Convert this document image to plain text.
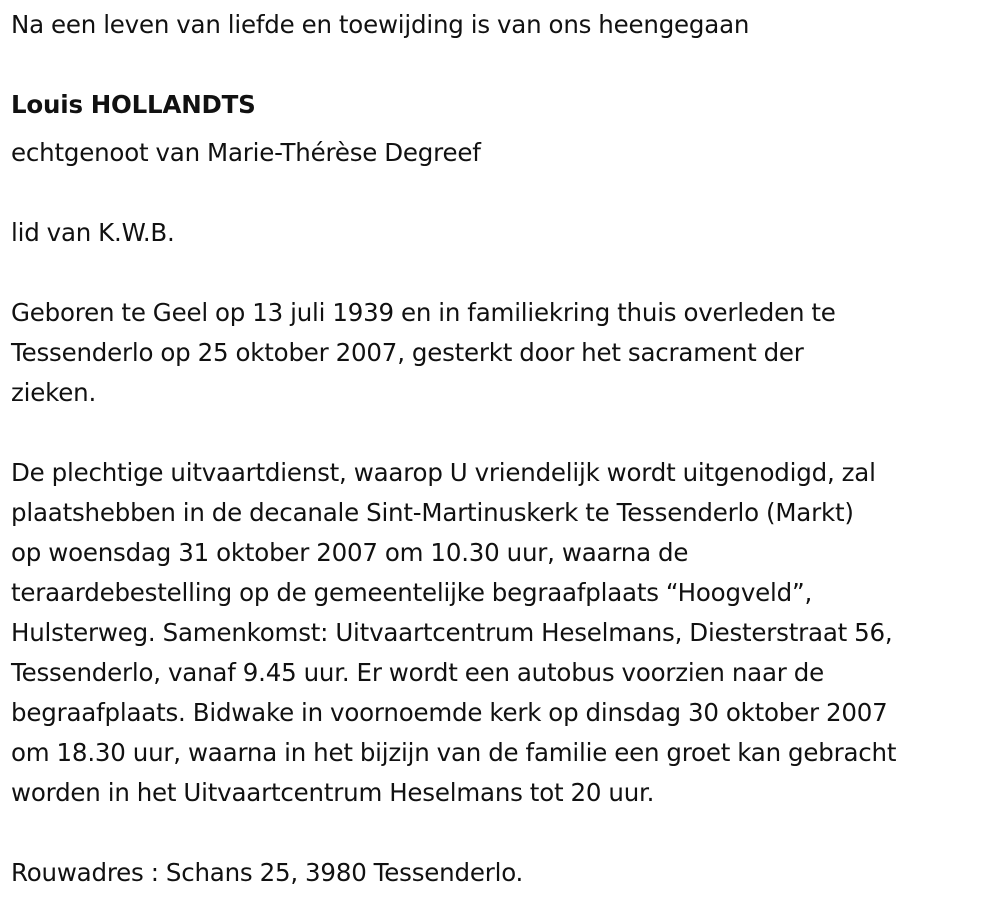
Na een leven van liefde en toewijding is van ons heengegaan
Louis HOLLANDTS
echtgenoot van Marie-Thérèse Degreef
lid van K.W.B.
Geboren te Geel op 13 juli 1939 en in familiekring thuis overleden te
Tessenderlo op 25 oktober 2007, gesterkt door het sacrament der
zieken.
De plechtige uitvaartdienst, waarop U vriendelijk wordt uitgenodigd, zal
plaatshebben in de decanale Sint-Martinuskerk te Tessenderlo (Markt)
op woensdag 31 oktober 2007 om 10.30 uur, waarna de
teraardebestelling op de gemeentelijke begraafplaats “Hoogveld”,
Hulsterweg. Samenkomst: Uitvaartcentrum Heselmans, Diesterstraat 56,
Tessenderlo, vanaf 9.45 uur. Er wordt een autobus voorzien naar de
begraafplaats. Bidwake in voornoemde kerk op dinsdag 30 oktober 2007
om 18.30 uur, waarna in het bijzijn van de familie een groet kan gebracht
worden in het Uitvaartcentrum Heselmans tot 20 uur.
Rouwadres : Schans 25, 3980 Tessenderlo.
